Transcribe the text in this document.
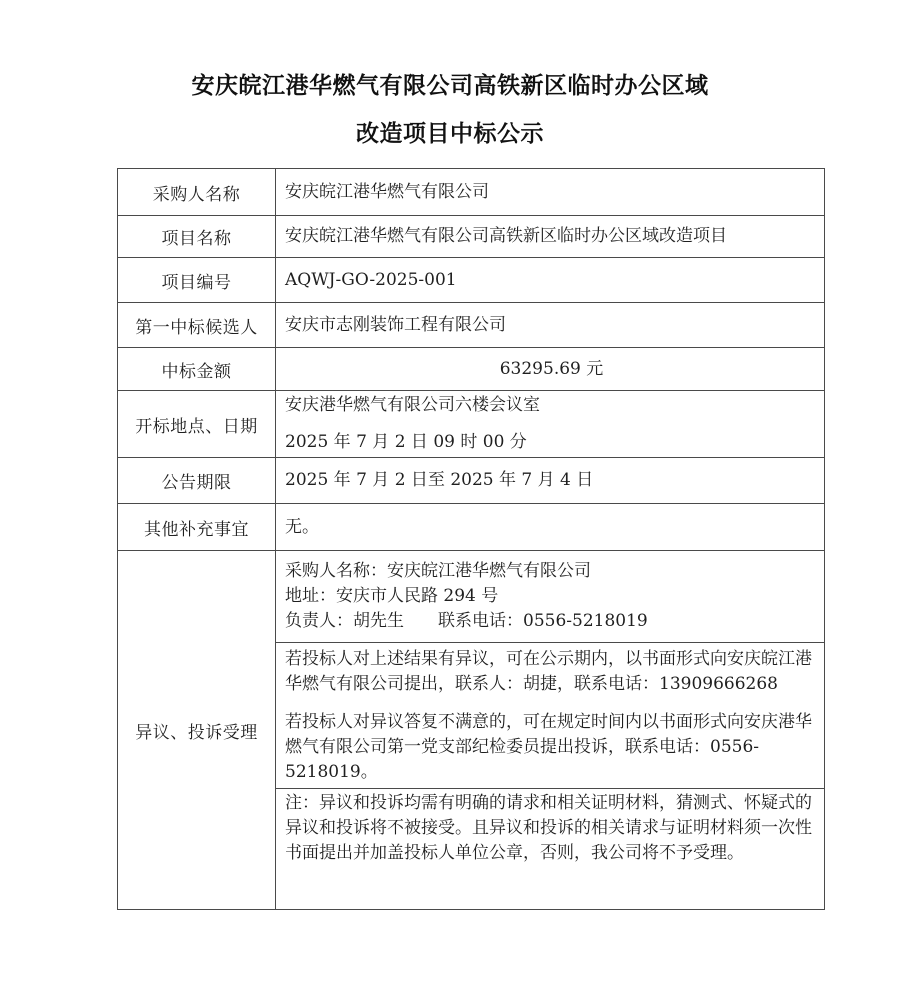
安庆皖江港华燃气有限公司高铁新区临时办公区域
改造项目中标公示
采购人名称	安庆皖江港华燃气有限公司
项目名称	安庆皖江港华燃气有限公司高铁新区临时办公区域改造项目
项目编号	AQWJ-GO-2025-001
第一中标候选人	安庆市志刚装饰工程有限公司
中标金额	63295.69 元
开标地点、日期	安庆港华燃气有限公司六楼会议室
2025 年 7 月 2 日 09 时 00 分

公告期限	2025 年 7 月 2 日至 2025 年 7 月 4 日
其他补充事宜	无。
异议、投诉受理	采购人名称：安庆皖江港华燃气有限公司
地址：安庆市人民路 294 号
负责人：胡先生　　联系电话：0556-5218019

	若投标人对上述结果有异议，可在公示期内，以书面形式向安庆皖江港华燃气有限公司提出，联系人：胡捷，联系电话：13909666268
若投标人对异议答复不满意的，可在规定时间内以书面形式向安庆港华燃气有限公司第一党支部纪检委员提出投诉，联系电话：0556-5218019。

	注：异议和投诉均需有明确的请求和相关证明材料，猜测式、怀疑式的异议和投诉将不被接受。且异议和投诉的相关请求与证明材料须一次性书面提出并加盖投标人单位公章，否则，我公司将不予受理。
